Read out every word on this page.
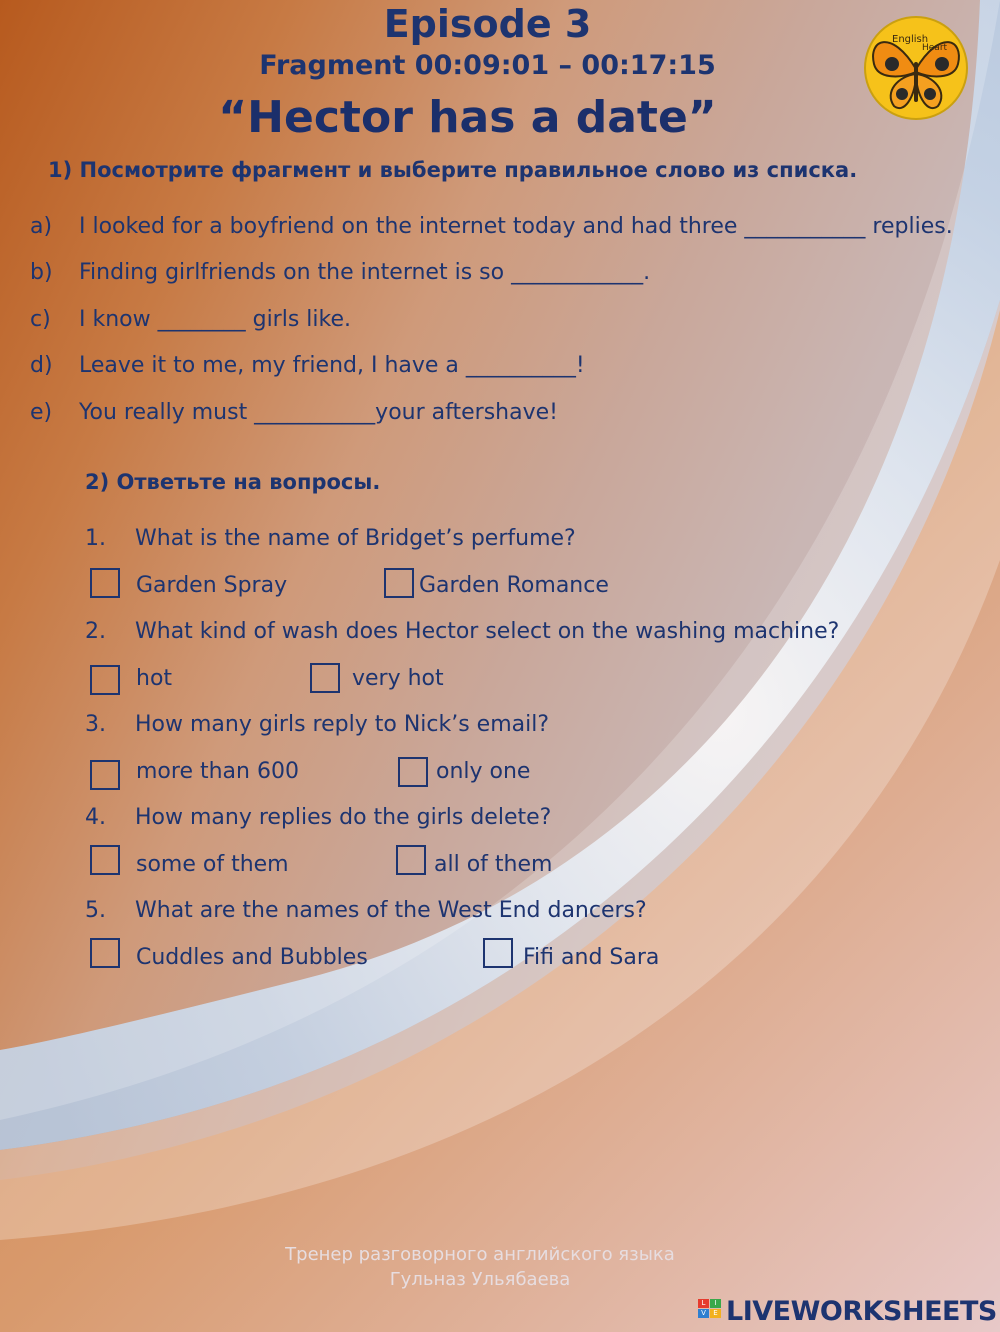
Episode 3
Fragment 00:09:01 – 00:17:15
“Hector has a date”
English
Heart
1) Посмотрите фрагмент и выберите правильное слово из списка.
a) I looked for a boyfriend on the internet today and had three ___________ replies.
b) Finding girlfriends on the internet is so ____________.
c) I know ________ girls like.
d) Leave it to me, my friend, I have a __________!
e) You really must ___________your aftershave!
2) Ответьте на вопросы.
1. What is the name of Bridget’s perfume?
Garden Spray	Garden Romance
2. What kind of wash does Hector select on the washing machine?
hot	very hot
3. How many girls reply to Nick’s email?
more than 600	only one
4. How many replies do the girls delete?
some of them	all of them
5. What are the names of the West End dancers?
Cuddles and Bubbles	Fifi and Sara
Тренер разговорного английского языка
Гульназ Ульябаева
L	I
V	E LIVEWORKSHEETS
